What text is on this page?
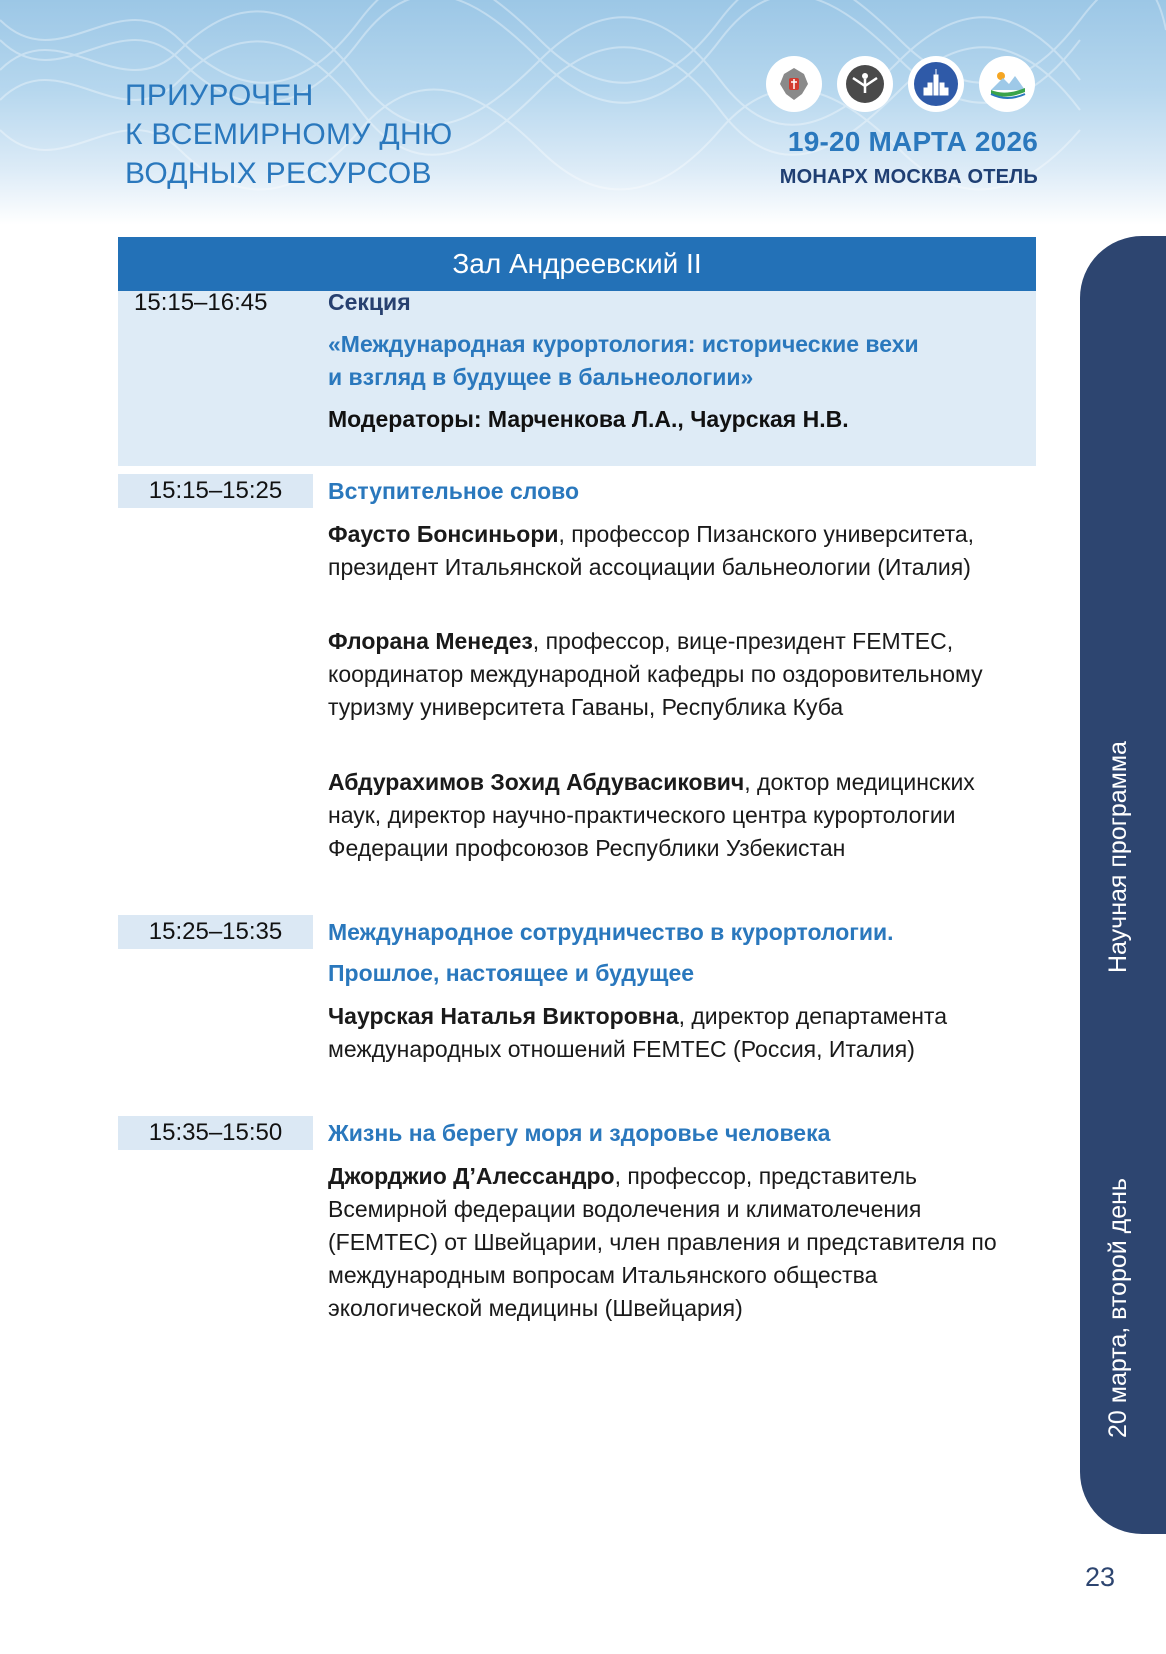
ПРИУРОЧЕН
К ВСЕМИРНОМУ ДНЮ
ВОДНЫХ РЕСУРСОВ
19-20 МАРТА 2026
МОНАРХ МОСКВА ОТЕЛЬ
Зал Андреевский II
15:15–16:45	Секция
«Международная курортология: исторические вехи
и взгляд в будущее в бальнеологии»
Модераторы: Марченкова Л.А., Чаурская Н.В.
15:15–15:25	Вступительное слово
Фаусто Бонсиньори, профессор Пизанского университета, президент Итальянской ассоциации бальнеологии (Италия)
Флорана Менедез, профессор, вице-президент FEMTEC, координатор международной кафедры по оздоровительному туризму университета Гаваны, Республика Куба
Абдурахимов Зохид Абдувасикович, доктор медицинских наук, директор научно-практического центра курортологии Федерации профсоюзов Республики Узбекистан
15:25–15:35	Международное сотрудничество в курортологии.
Прошлое, настоящее и будущее
Чаурская Наталья Викторовна, директор департамента международных отношений FEMTEC (Россия, Италия)
15:35–15:50	Жизнь на берегу моря и здоровье человека
Джорджио Д’Алессандро, профессор, представитель Всемирной федерации водолечения и климатолечения (FEMTEC) от Швейцарии, член правления и представителя по международным вопросам Итальянского общества экологической медицины (Швейцария)
Научная программа
20 марта, второй день
23
